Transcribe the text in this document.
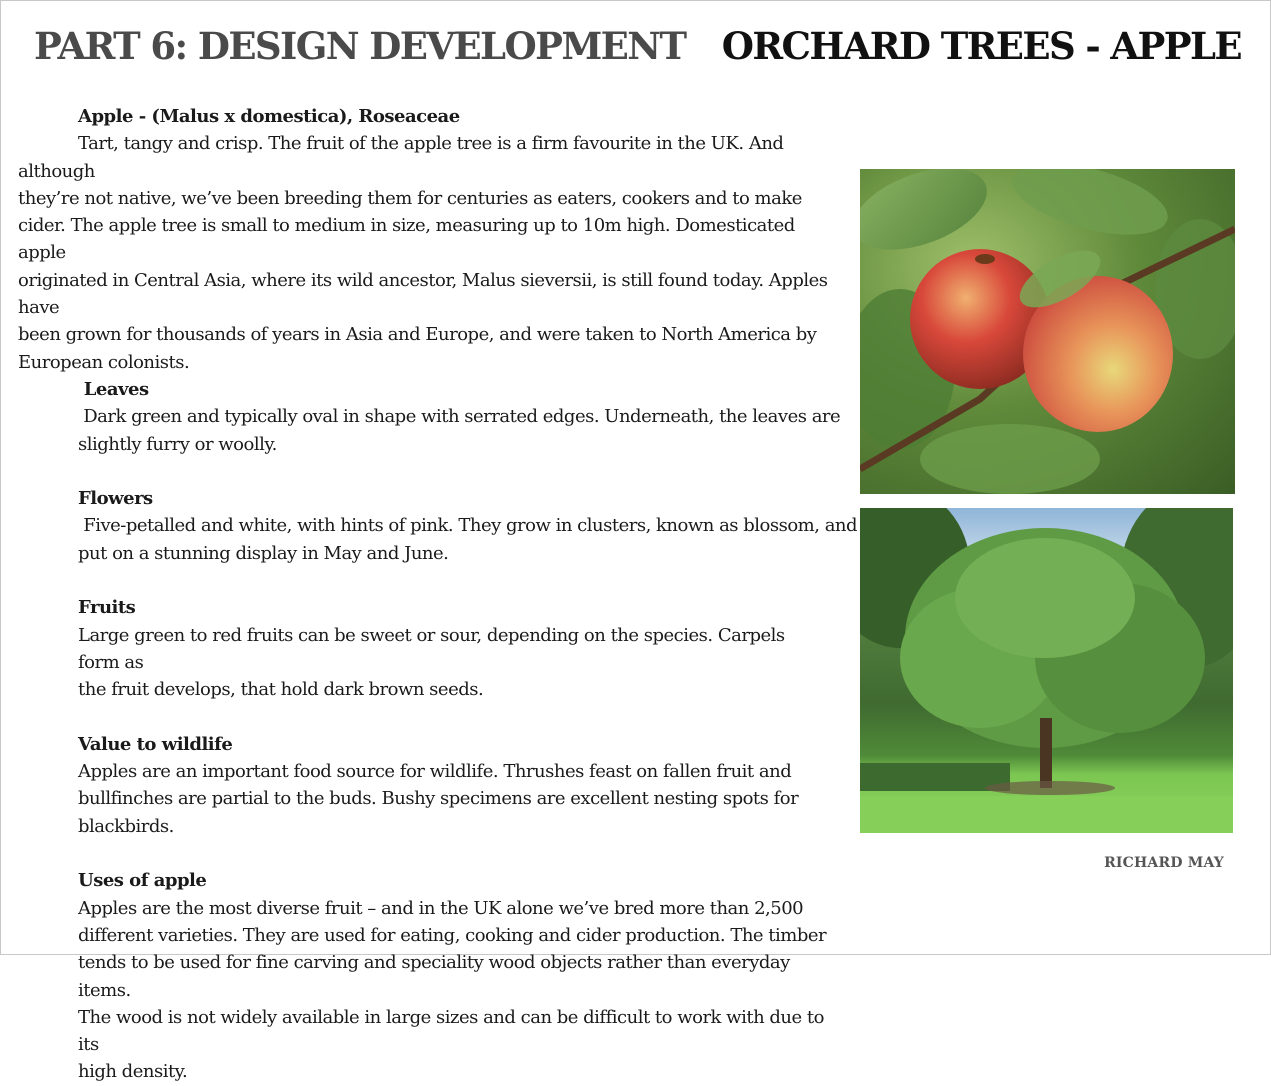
PART 6: DESIGN DEVELOPMENT ORCHARD TREES - APPLE

Apple - (Malus x domestica), Roseaceae

Tart, tangy and crisp. The fruit of the apple tree is a firm favourite in the UK. And although

they’re not native, we’ve been breeding them for centuries as eaters, cookers and to make

cider. The apple tree is small to medium in size, measuring up to 10m high. Domesticated apple

originated in Central Asia, where its wild ancestor, Malus sieversii, is still found today. Apples have

been grown for thousands of years in Asia and Europe, and were taken to North America by

European colonists.

Leaves

Dark green and typically oval in shape with serrated edges. Underneath, the leaves are

slightly furry or woolly.

Flowers

Five-petalled and white, with hints of pink. They grow in clusters, known as blossom, and

put on a stunning display in May and June.

Fruits

Large green to red fruits can be sweet or sour, depending on the species. Carpels form as

the fruit develops, that hold dark brown seeds.

Value to wildlife

Apples are an important food source for wildlife. Thrushes feast on fallen fruit and

bullfinches are partial to the buds. Bushy specimens are excellent nesting spots for

blackbirds.

Uses of apple

Apples are the most diverse fruit – and in the UK alone we’ve bred more than 2,500

different varieties. They are used for eating, cooking and cider production. The timber

tends to be used for fine carving and speciality wood objects rather than everyday items.

The wood is not widely available in large sizes and can be difficult to work with due to its

high density.

RICHARD MAY
